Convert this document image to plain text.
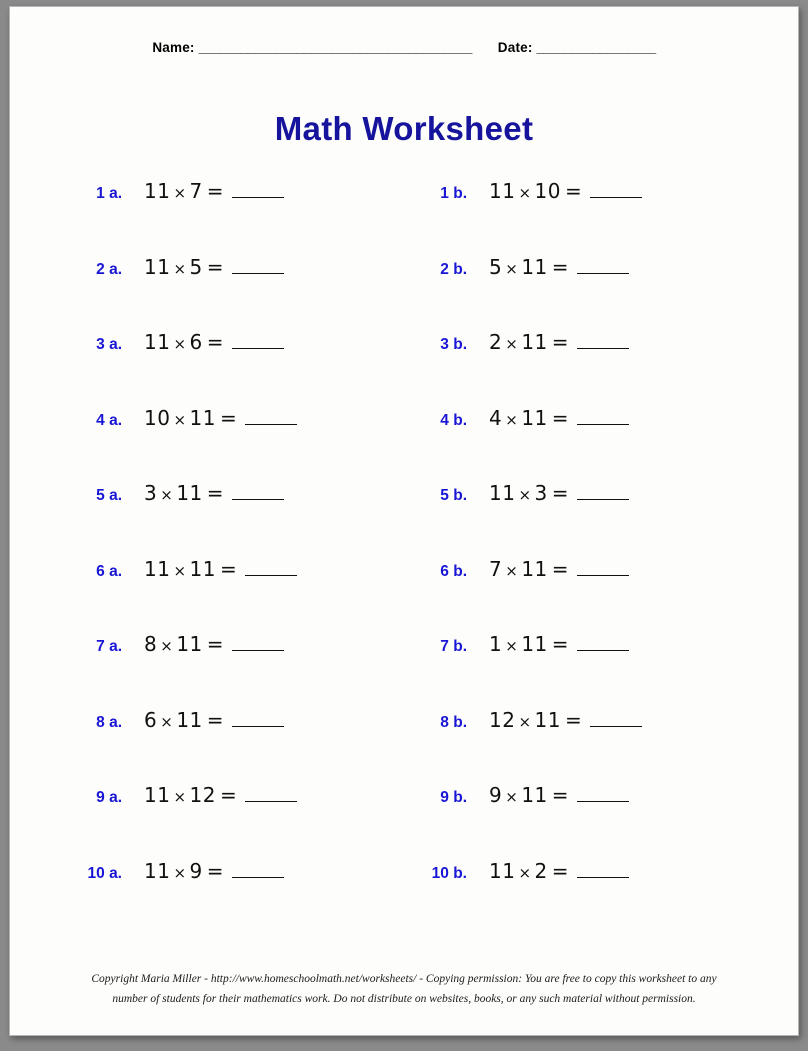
Name: _______________________________________ Date: _________________
Math Worksheet
1 a.	11 × 7 =	1 b.	11 × 10 =
2 a.	11 × 5 =	2 b.	5 × 11 =
3 a.	11 × 6 =	3 b.	2 × 11 =
4 a.	10 × 11 =	4 b.	4 × 11 =
5 a.	3 × 11 =	5 b.	11 × 3 =
6 a.	11 × 11 =	6 b.	7 × 11 =
7 a.	8 × 11 =	7 b.	1 × 11 =
8 a.	6 × 11 =	8 b.	12 × 11 =
9 a.	11 × 12 =	9 b.	9 × 11 =
10 a.	11 × 9 =	10 b.	11 × 2 =
Copyright Maria Miller - http://www.homeschoolmath.net/worksheets/ - Copying permission: You are free to copy this worksheet to any
number of students for their mathematics work. Do not distribute on websites, books, or any such material without permission.
